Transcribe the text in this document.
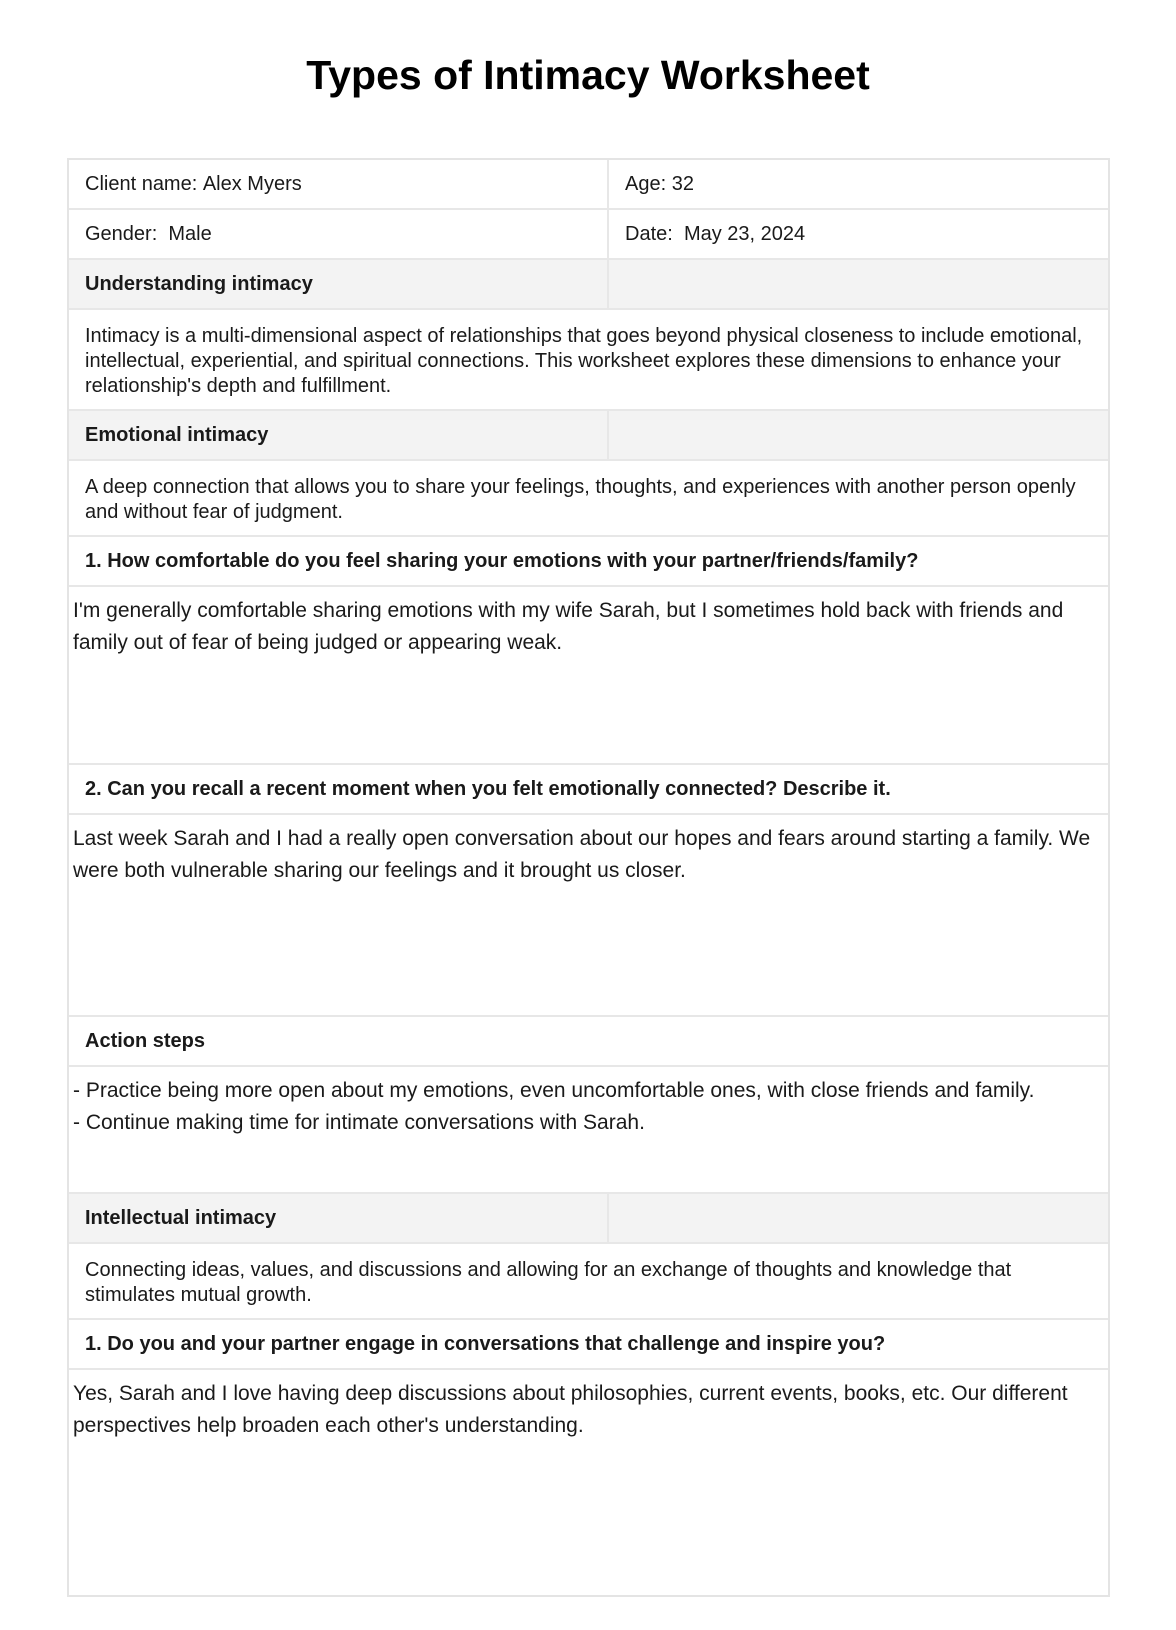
Types of Intimacy Worksheet
Client name:
Alex Myers	Age:
32
Gender:
Male	Date:
May 23, 2024
Understanding intimacy
Intimacy is a multi-dimensional aspect of relationships that goes beyond physical closeness to include emotional, intellectual, experiential, and spiritual connections. This worksheet explores these dimensions to enhance your relationship's depth and fulfillment.
Emotional intimacy
A deep connection that allows you to share your feelings, thoughts, and experiences with another person openly and without fear of judgment.
1. How comfortable do you feel sharing your emotions with your partner/friends/family?
I'm generally comfortable sharing emotions with my wife Sarah, but I sometimes hold back with friends and family out of fear of being judged or appearing weak.
2. Can you recall a recent moment when you felt emotionally connected? Describe it.
Last week Sarah and I had a really open conversation about our hopes and fears around starting a family. We were both vulnerable sharing our feelings and it brought us closer.
Action steps
- Practice being more open about my emotions, even uncomfortable ones, with close friends and family.
- Continue making time for intimate conversations with Sarah.
Intellectual intimacy
Connecting ideas, values, and discussions and allowing for an exchange of thoughts and knowledge that stimulates mutual growth.
1. Do you and your partner engage in conversations that challenge and inspire you?
Yes, Sarah and I love having deep discussions about philosophies, current events, books, etc. Our different perspectives help broaden each other's understanding.
